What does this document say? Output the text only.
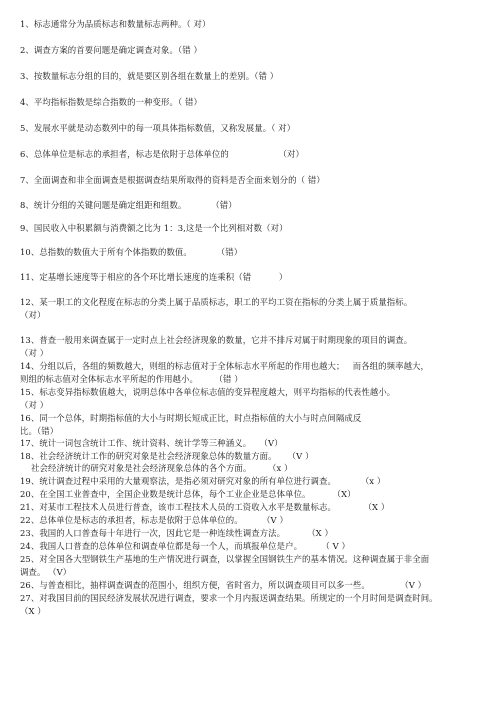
1、标志通常分为品质标志和数量标志两种。（ 对）
2、调查方案的首要问题是确定调查对象。（错 ）
3、按数量标志分组的目的，就是要区别各组在数量上的差别。（错 ）
4、平均指标指数是综合指数的一种变形。（ 错）
5、发展水平就是动态数列中的每一项具体指标数值，又称发展量。（ 对）
6、总体单位是标志的承担者，标志是依附于总体单位的                  （对）
7、全面调查和非全面调查是根据调查结果所取得的资料是否全面来划分的（ 错）
8、统计分组的关键问题是确定组距和组数。         （错）
9、国民收入中积累额与消费额之比为 1：3,这是一个比列相对数（对）
10、总指数的数值大于所有个体指数的数值。         （错）
11、定基增长速度等于相应的各个环比增长速度的连乘积（错          ）
12、某一职工的文化程度在标志的分类上属于品质标志，职工的平均工资在指标的分类上属于质量指标。
（对）
13、普查一般用来调查属于一定时点上社会经济现象的数量，它并不排斥对属于时期现象的项目的调查。
（对 ）
14、分组以后，各组的频数越大，则组的标志值对于全体标志水平所起的作用也越大；   而各组的频率越大，
则组的标志值对全体标志水平所起的作用越小。      （错 ）
15、标志变异指标数值越大，说明总体中各单位标志值的变异程度越大，则平均指标的代表性越小。
（对 ）
16、同一个总体，时期指标值的大小与时期长短成正比，时点指标值的大小与时点间隔成反
比。（错）
17、统计一词包含统计工作、统计资料、统计学等三种涵义。   （V）
18、社会经济统计工作的研究对象是社会经济现象总体的数量方面。    （V ）
社会经济统计的研究对象是社会经济现象总体的各个方面。      （x ）
19、统计调查过程中采用的大量观察法，是指必须对研究对象的所有单位进行调查。         （x ）
20、在全国工业普查中，全国企业数是统计总体，每个工业企业是总体单位。        （X）
21、对某市工程技术人员进行普查，该市工程技术人员的工资收入水平是数量标志。          （X ）
22、总体单位是标志的承担者，标志是依附于总体单位的。       （V ）
23、我国的人口普查每十年进行一次，因此它是一种连续性调查方法。        （X ）
24、我国人口普查的总体单位和调查单位都是每一个人，而填报单位是户。       （ V ）
25、对全国各大型钢铁生产基地的生产情况进行调查，以掌握全国钢铁生产的基本情况。这种调查属于非全面
调查。 （V）
26、与普查相比，抽样调查调查的范围小，组织方便，省时省力，所以调查项目可以多一些。           （V ）
27、对我国目前的国民经济发展状况进行调查，要求一个月内报送调查结果。所规定的一个月时间是调查时间。
（X ）
